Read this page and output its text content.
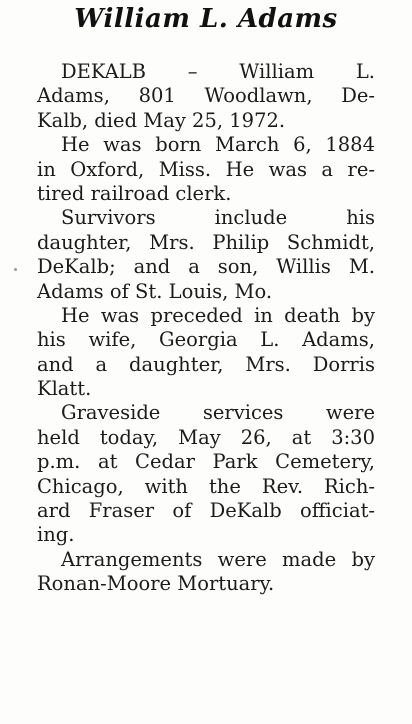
William L. Adams
DEKALB – William L.
Adams, 801 Woodlawn, De-
Kalb, died May 25, 1972.
He was born March 6, 1884
in Oxford, Miss. He was a re-
tired railroad clerk.
Survivors include his
daughter, Mrs. Philip Schmidt,
DeKalb; and a son, Willis M.
Adams of St. Louis, Mo.
He was preceded in death by
his wife, Georgia L. Adams,
and a daughter, Mrs. Dorris
Klatt.
Graveside services were
held today, May 26, at 3:30
p.m. at Cedar Park Cemetery,
Chicago, with the Rev. Rich-
ard Fraser of DeKalb officiat-
ing.
Arrangements were made by
Ronan-Moore Mortuary.
